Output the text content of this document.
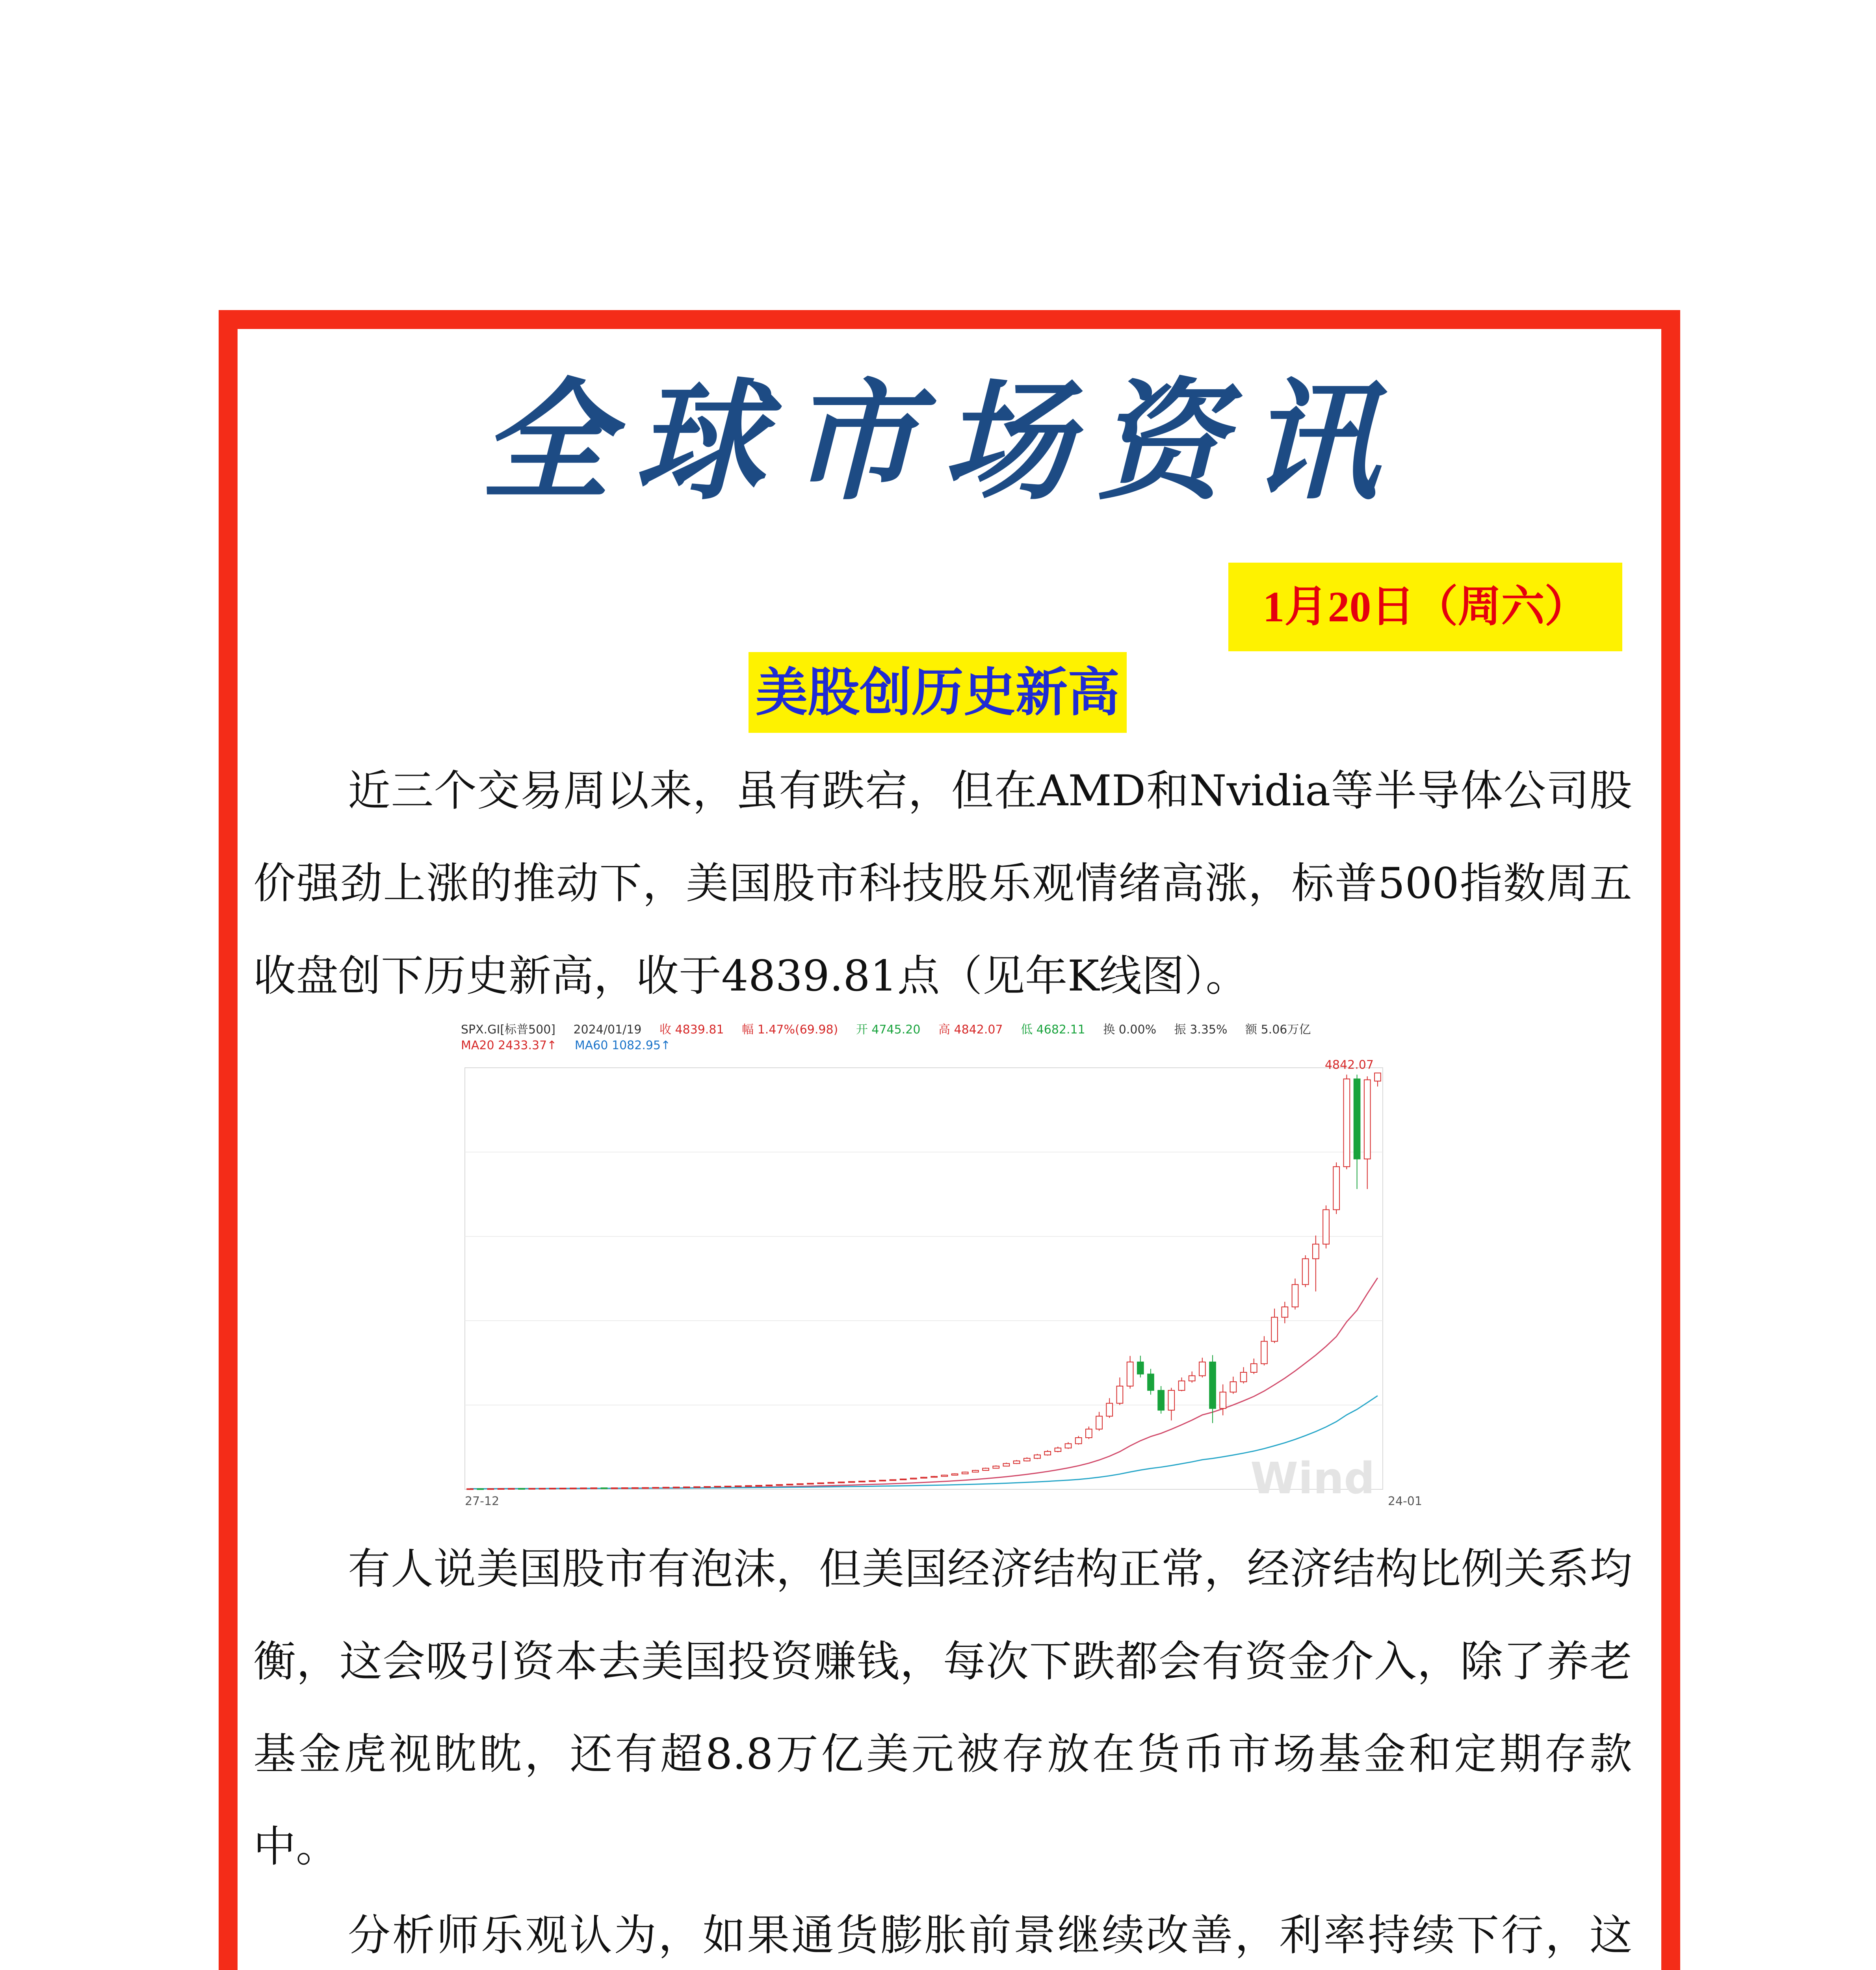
全球市场资讯
1月20日（周六）
美股创历史新高

近三个交易周以来，虽有跌宕，但在AMD和Nvidia等半导体公司股价强劲上涨的推动下，美国股市科技股乐观情绪高涨，标普500指数周五收盘创下历史新高，收于4839.81点（见年K线图）。

SPX.GI[标普500] 2024/01/19 收 4839.81 幅 1.47%(69.98) 开 4745.20 高 4842.07 低 4682.11 换 0.00% 振 3.35% 额 5.06万亿
MA20 2433.37↑ MA60 1082.95↑
4842.07
27-12	24-01
Wind

有人说美国股市有泡沫，但美国经济结构正常，经济结构比例关系均衡，这会吸引资本去美国投资赚钱，每次下跌都会有资金介入，除了养老基金虎视眈眈，还有超8.8万亿美元被存放在货币市场基金和定期存款中。

分析师乐观认为，如果通货膨胀前景继续改善，利率持续下行，这
